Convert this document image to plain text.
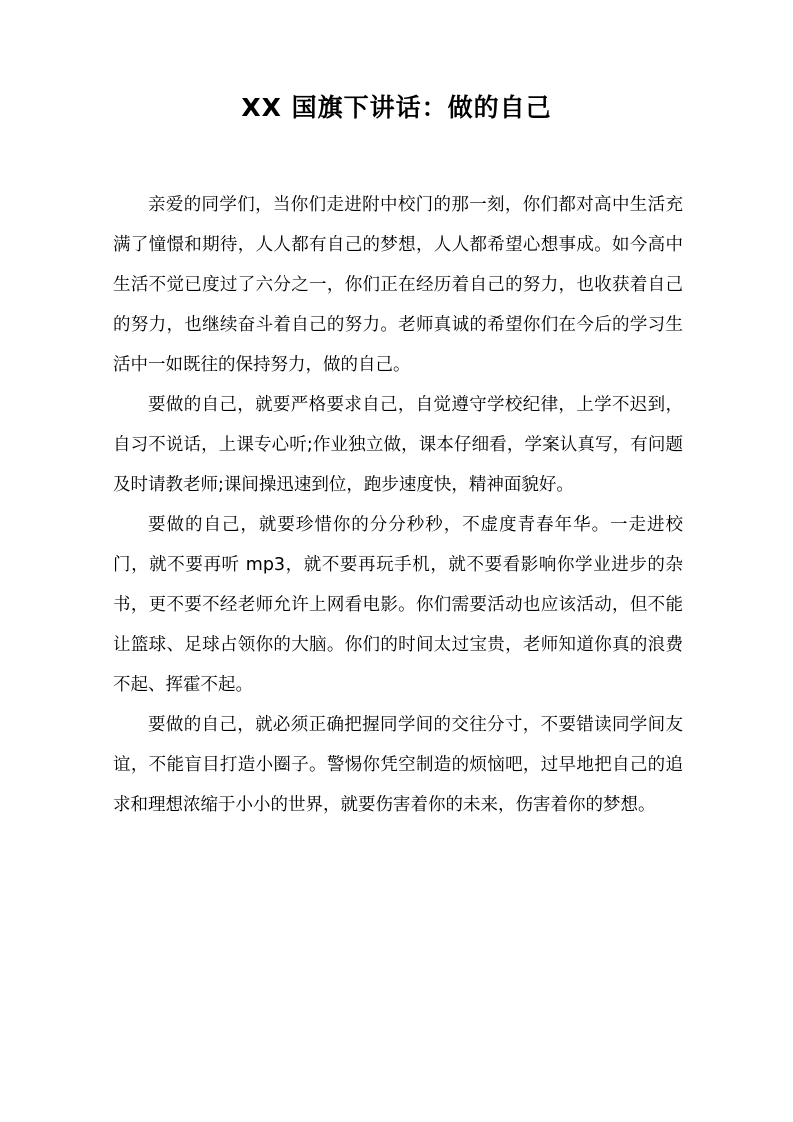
XX 国旗下讲话：做的自己

亲爱的同学们，当你们走进附中校门的那一刻，你们都对高中生活充满了憧憬和期待，人人都有自己的梦想，人人都希望心想事成。如今高中生活不觉已度过了六分之一，你们正在经历着自己的努力，也收获着自己的努力，也继续奋斗着自己的努力。老师真诚的希望你们在今后的学习生活中一如既往的保持努力，做的自己。

要做的自己，就要严格要求自己，自觉遵守学校纪律，上学不迟到，自习不说话，上课专心听;作业独立做，课本仔细看，学案认真写，有问题及时请教老师;课间操迅速到位，跑步速度快，精神面貌好。

要做的自己，就要珍惜你的分分秒秒，不虚度青春年华。一走进校门，就不要再听 mp3，就不要再玩手机，就不要看影响你学业进步的杂书，更不要不经老师允许上网看电影。你们需要活动也应该活动，但不能让篮球、足球占领你的大脑。你们的时间太过宝贵，老师知道你真的浪费不起、挥霍不起。

要做的自己，就必须正确把握同学间的交往分寸，不要错读同学间友谊，不能盲目打造小圈子。警惕你凭空制造的烦恼吧，过早地把自己的追求和理想浓缩于小小的世界，就要伤害着你的未来，伤害着你的梦想。
